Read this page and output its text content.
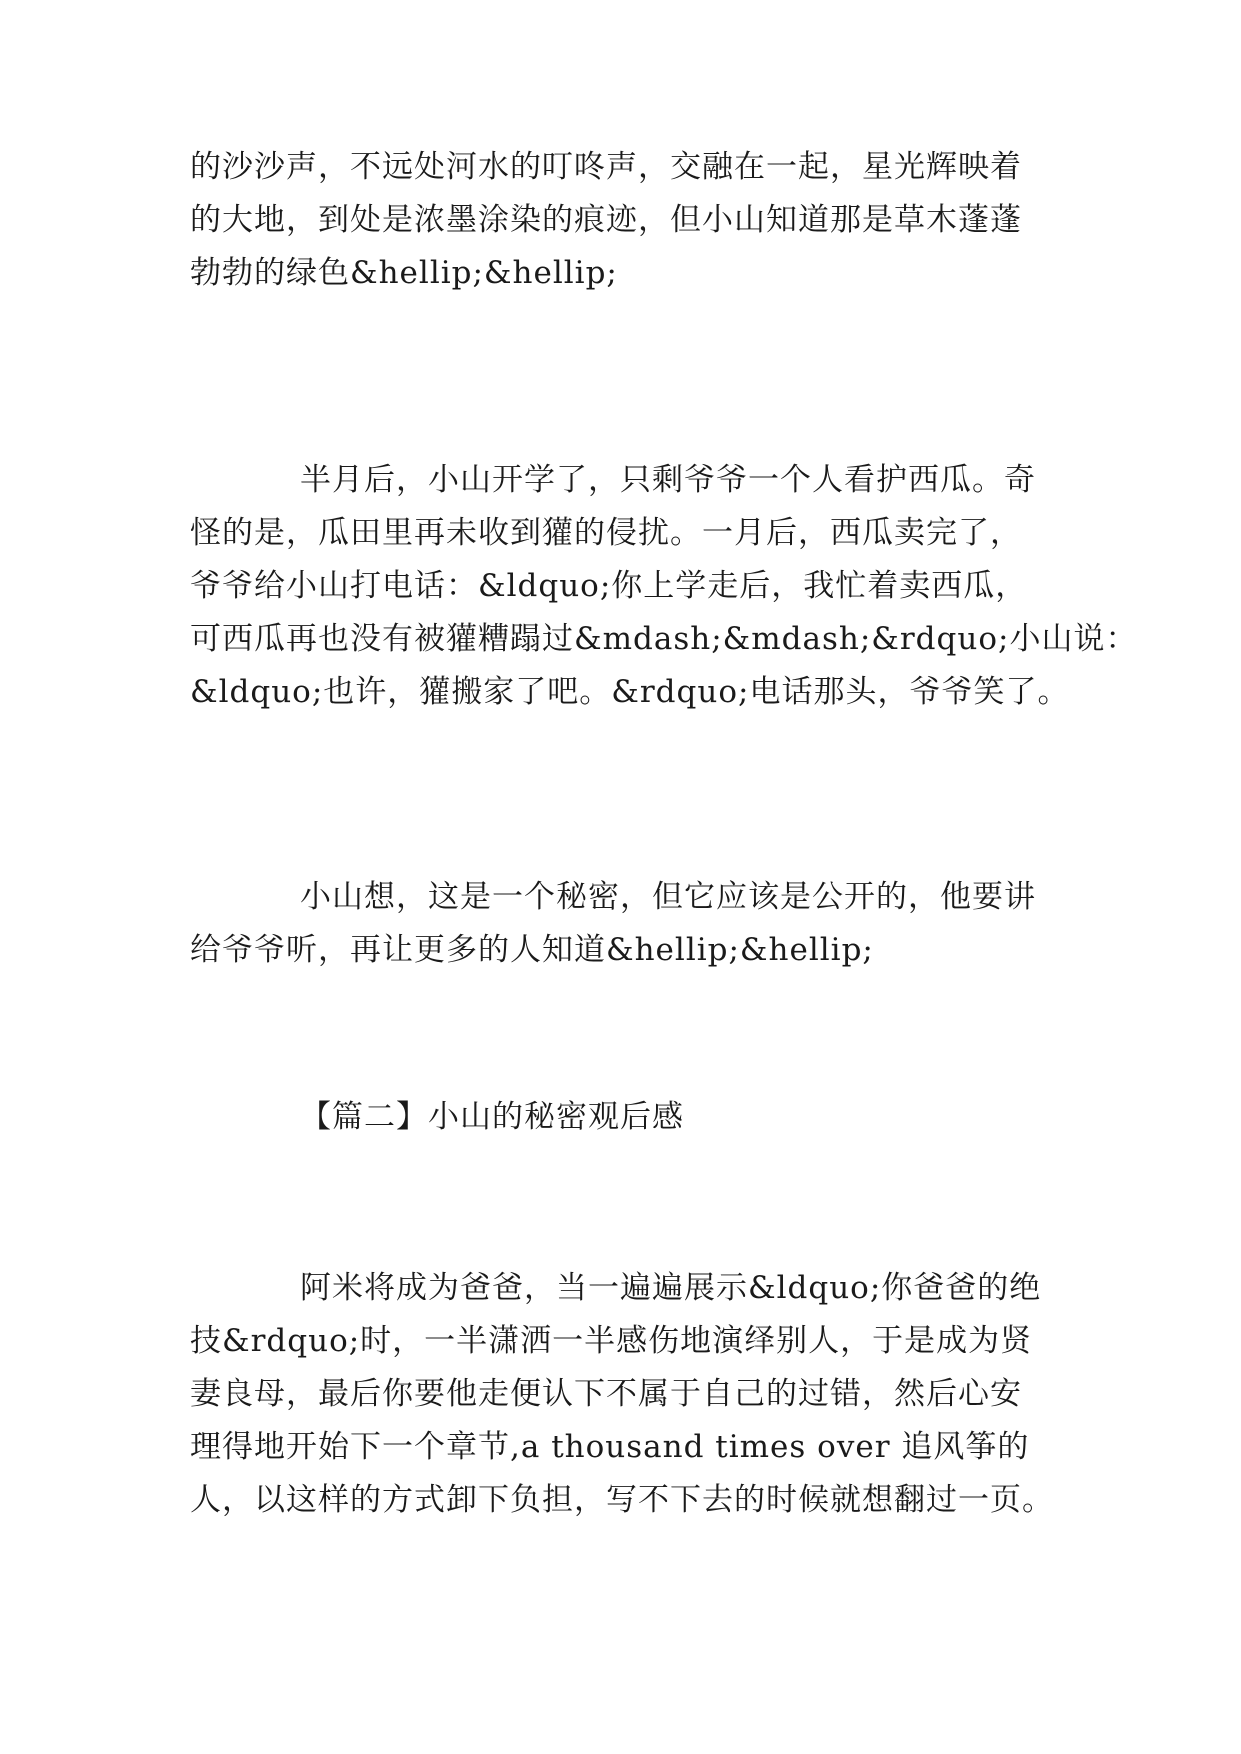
的沙沙声，不远处河水的叮咚声，交融在一起，星光辉映着
的大地，到处是浓墨涂染的痕迹，但小山知道那是草木蓬蓬
勃勃的绿色&hellip;&hellip;
半月后，小山开学了，只剩爷爷一个人看护西瓜。奇
怪的是，瓜田里再未收到獾的侵扰。一月后，西瓜卖完了，
爷爷给小山打电话：&ldquo;你上学走后，我忙着卖西瓜，
可西瓜再也没有被獾糟蹋过&mdash;&mdash;&rdquo;小山说：
&ldquo;也许，獾搬家了吧。&rdquo;电话那头，爷爷笑了。
小山想，这是一个秘密，但它应该是公开的，他要讲
给爷爷听，再让更多的人知道&hellip;&hellip;
【篇二】小山的秘密观后感
阿米将成为爸爸，当一遍遍展示&ldquo;你爸爸的绝
技&rdquo;时，一半潇洒一半感伤地演绎别人，于是成为贤
妻良母，最后你要他走便认下不属于自己的过错，然后心安
理得地开始下一个章节,a thousand times over 追风筝的
人，以这样的方式卸下负担，写不下去的时候就想翻过一页。
